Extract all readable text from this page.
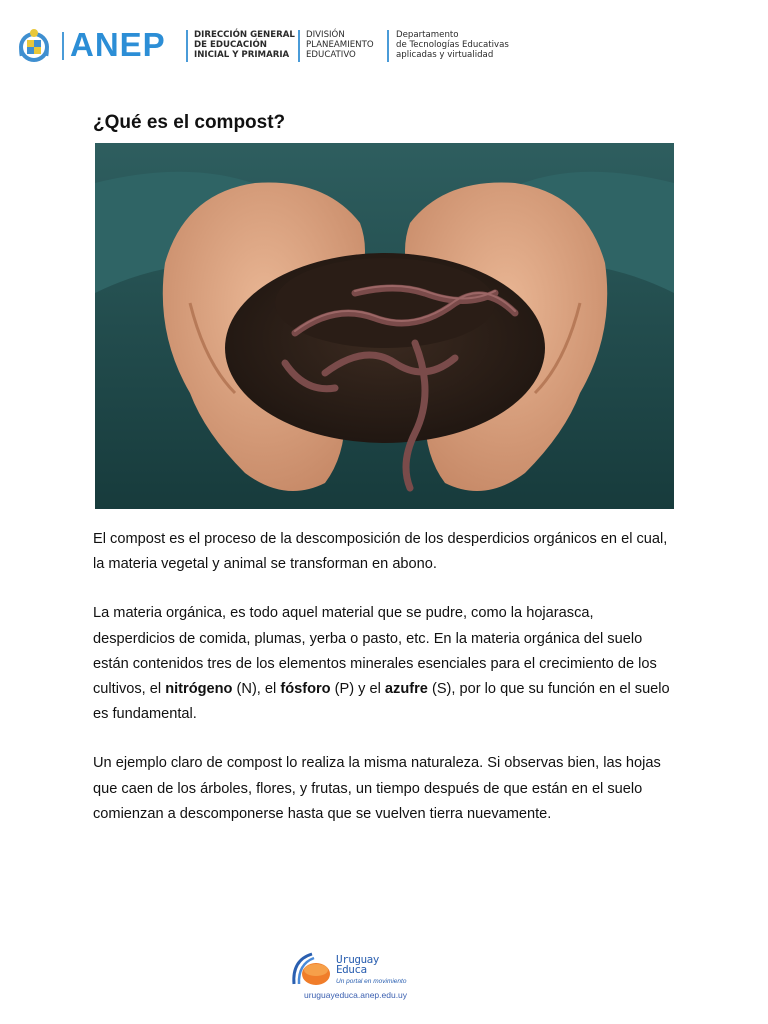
ANEP	DIRECCIÓN GENERAL
DE EDUCACIÓN
INICIAL Y PRIMARIA
DIVISIÓN
PLANEAMIENTO
EDUCATIVO
Departamento
de Tecnologías Educativas
aplicadas y virtualidad
¿Qué es el compost?

El compost es el proceso de la descomposición de los desperdicios orgánicos en el cual, la materia vegetal y animal se transforman en abono.

La materia orgánica, es todo aquel material que se pudre, como la hojarasca, desperdicios de comida, plumas, yerba o pasto, etc. En la materia orgánica del suelo están contenidos tres de los elementos minerales esenciales para el crecimiento de los cultivos, el nitrógeno (N), el fósforo (P) y el azufre (S), por lo que su función en el suelo es fundamental.

Un ejemplo claro de compost lo realiza la misma naturaleza. Si observas bien, las hojas que caen de los árboles, flores, y frutas, un tiempo después de que están en el suelo comienzan a descomponerse hasta que se vuelven tierra nuevamente.

Uruguay
Educa
Un portal en movimiento
uruguayeduca.anep.edu.uy
